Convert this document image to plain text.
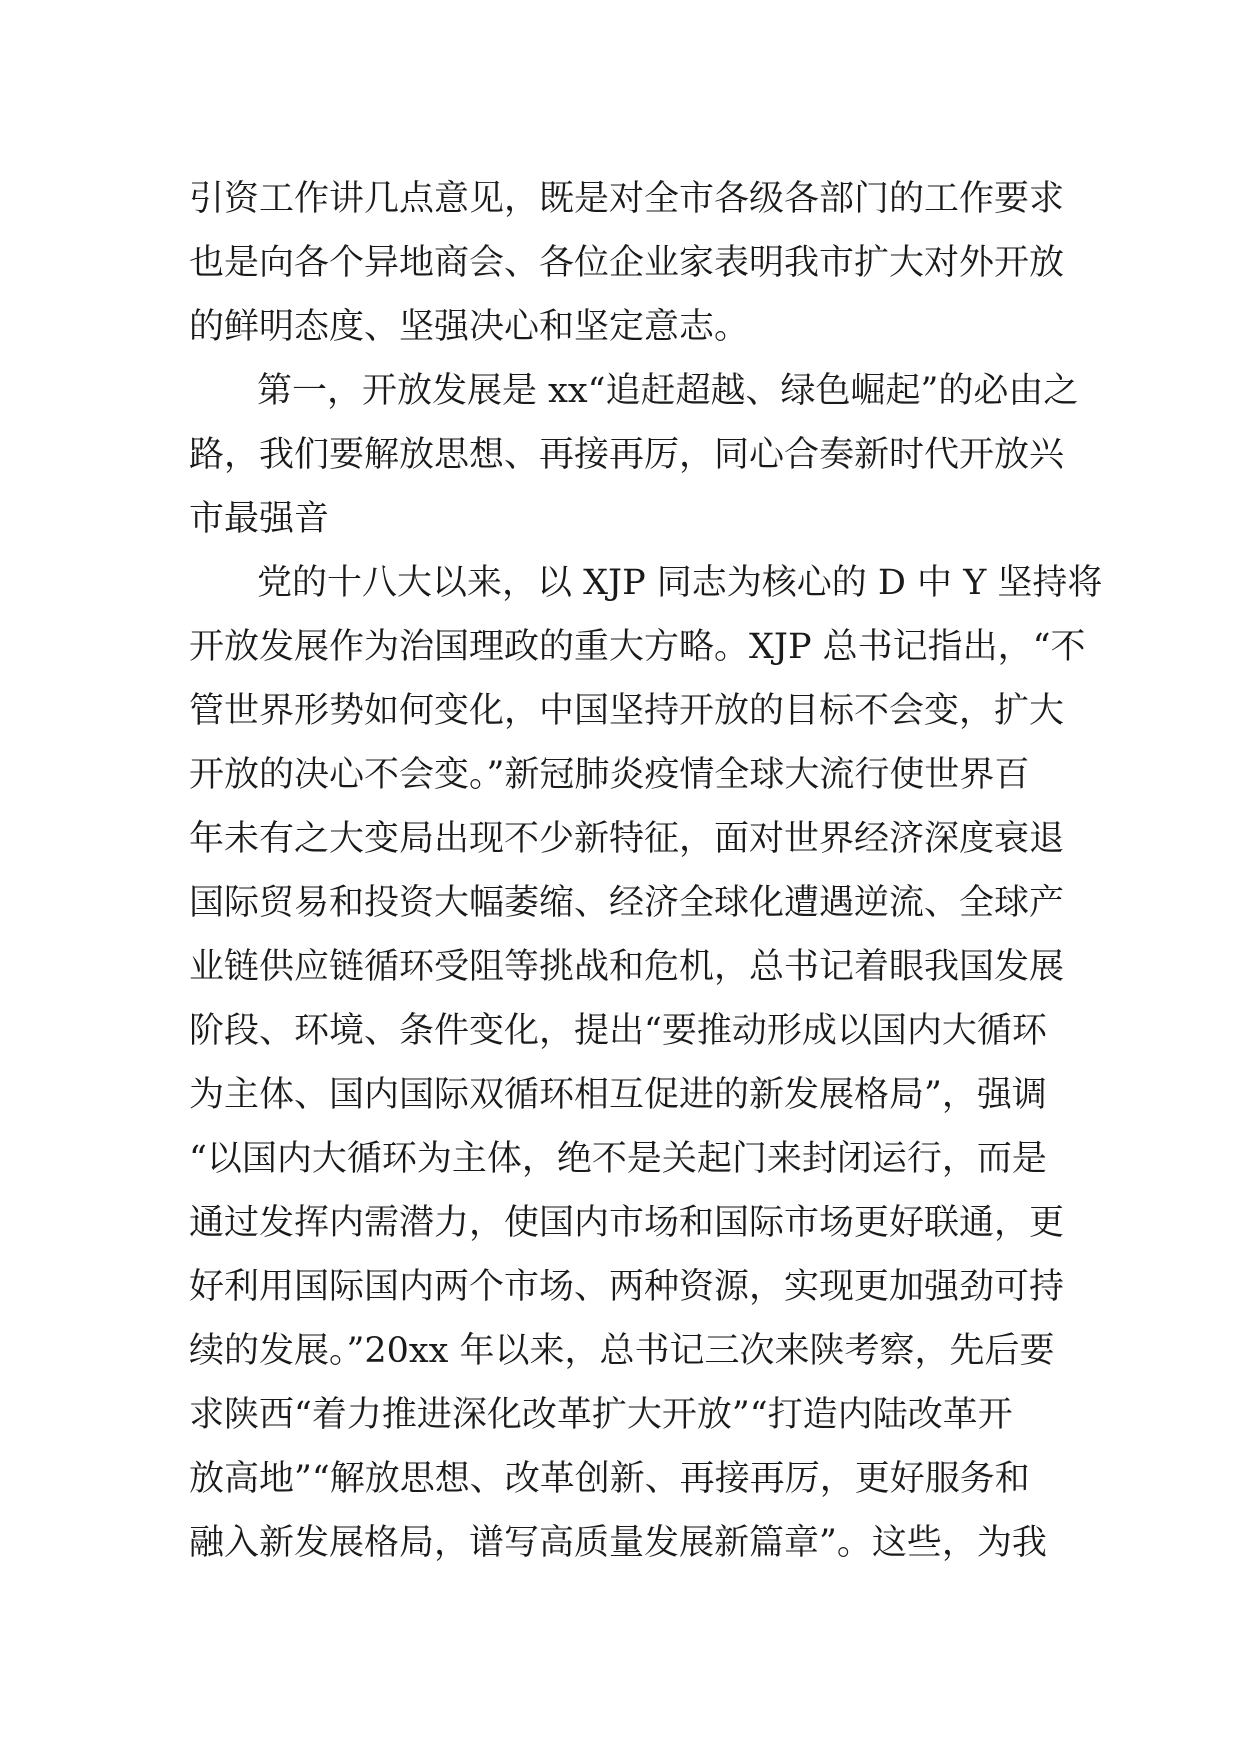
引资工作讲几点意见，既是对全市各级各部门的工作要求
也是向各个异地商会、各位企业家表明我市扩大对外开放
的鲜明态度、坚强决心和坚定意志。
第一，开放发展是 xx“追赶超越、绿色崛起”的必由之
路，我们要解放思想、再接再厉，同心合奏新时代开放兴
市最强音
党的十八大以来，以 XJP 同志为核心的 D 中 Y 坚持将
开放发展作为治国理政的重大方略。XJP 总书记指出，“不
管世界形势如何变化，中国坚持开放的目标不会变，扩大
开放的决心不会变。”新冠肺炎疫情全球大流行使世界百
年未有之大变局出现不少新特征，面对世界经济深度衰退
国际贸易和投资大幅萎缩、经济全球化遭遇逆流、全球产
业链供应链循环受阻等挑战和危机，总书记着眼我国发展
阶段、环境、条件变化，提出“要推动形成以国内大循环
为主体、国内国际双循环相互促进的新发展格局”，强调
“以国内大循环为主体，绝不是关起门来封闭运行，而是
通过发挥内需潜力，使国内市场和国际市场更好联通，更
好利用国际国内两个市场、两种资源，实现更加强劲可持
续的发展。”20xx 年以来，总书记三次来陕考察，先后要
求陕西“着力推进深化改革扩大开放”“打造内陆改革开
放高地”“解放思想、改革创新、再接再厉，更好服务和
融入新发展格局，谱写高质量发展新篇章”。这些，为我
